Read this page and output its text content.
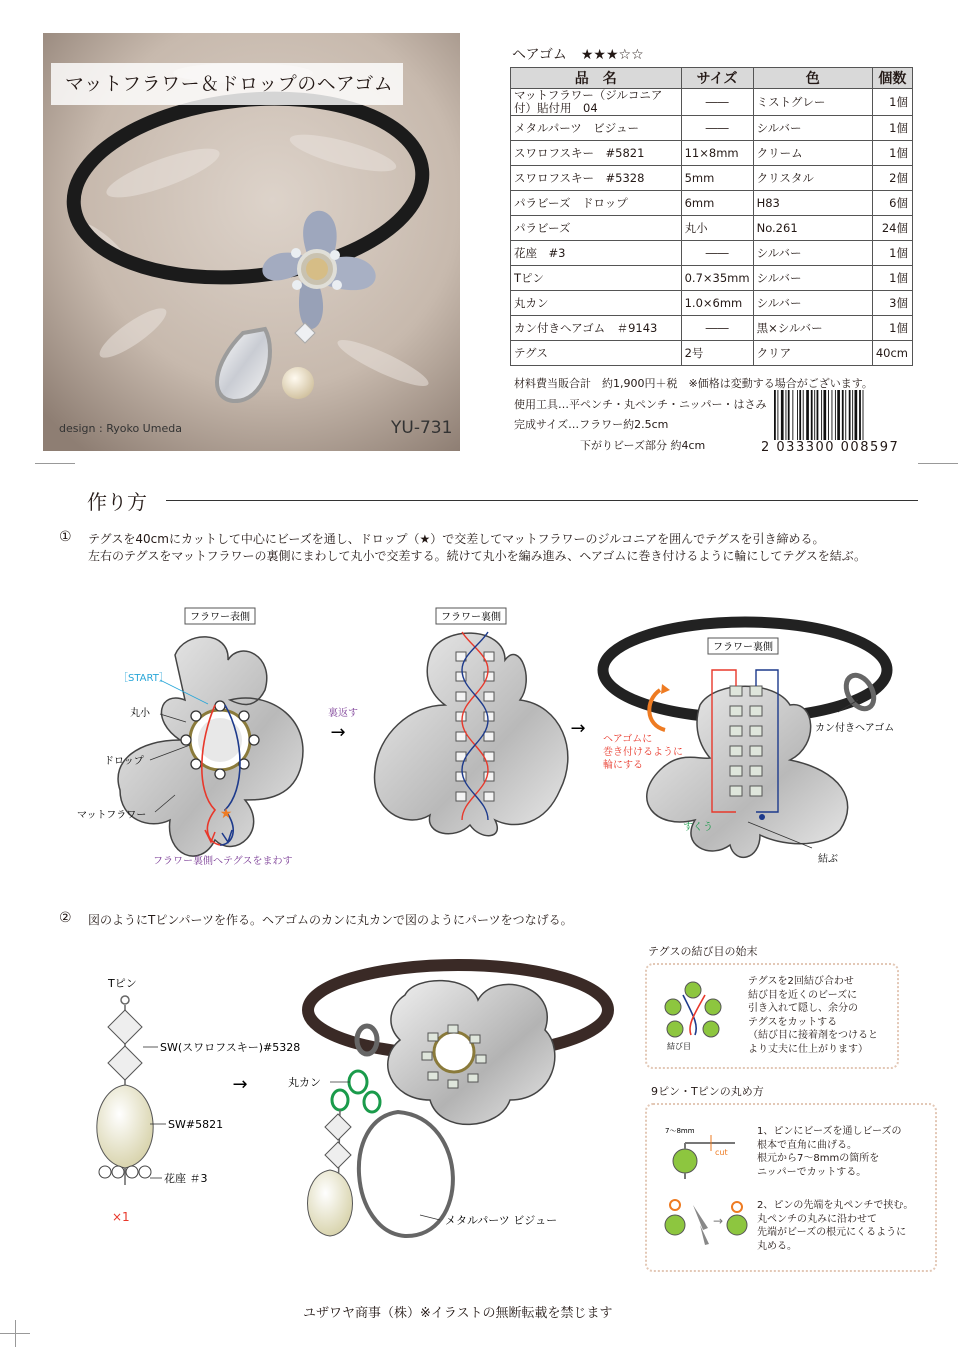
マットフラワー＆ドロップのヘアゴム
design : Ryoko Umeda	YU-731
ヘアゴム　★★★☆☆
品　名	サイズ	色	個数
マットフラワー（ジルコニア付）貼付用　04	――	ミストグレー	1個
メタルパーツ　ビジュー	――	シルバー	1個
スワロフスキー　#5821	11×8mm	クリーム	1個
スワロフスキー　#5328	5mm	クリスタル	2個
パラビーズ　ドロップ	6mm	H83	6個
パラビーズ	丸小	No.261	24個
花座　#3	――	シルバー	1個
Tピン	0.7×35mm	シルバー	1個
丸カン	1.0×6mm	シルバー	3個
カン付きヘアゴム　＃9143	――	黒×シルバー	1個
テグス	2号	クリア	40cm
材料費当販合計　約1,900円＋税　※価格は変動する場合がございます。
使用工具…平ペンチ・丸ペンチ・ニッパー・はさみ
完成サイズ…フラワー約2.5cm
　　　　　　下がりビーズ部分 約4cm	2 033300 008597
作り方
① テグスを40cmにカットして中心にビーズを通し、ドロップ（★）で交差してマットフラワーのジルコニアを囲んでテグスを引き締める。
左右のテグスをマットフラワーの裏側にまわして丸小で交差する。続けて丸小を編み進み、ヘアゴムに巻き付けるように輪にしてテグスを結ぶ。
★
フラワー表側
［START］
丸小
ドロップ
マットフラワー
フラワー裏側へテグスをまわす
裏返す
→
フラワー裏側
→
フラワー裏側
ヘアゴムに
巻き付けるように
輪にする
カン付きヘアゴム
すくう
結ぶ
② 図のようにTピンパーツを作る。ヘアゴムのカンに丸カンで図のようにパーツをつなげる。
Tピン
SW(スワロフスキー)#5328
SW#5821
花座 ＃3
×1
→	丸カン
メタルパーツ ビジュー
テグスの結び目の始末
結び目
テグスを2回結び合わせ
結び目を近くのビーズに
引き入れて隠し、余分の
テグスをカットする
（結び目に接着剤をつけると
より丈夫に仕上がります）
9ピン・Tピンの丸め方
7～8mm
cut
→
1、ピンにビーズを通しビーズの
根本で直角に曲げる。
根元から7～8mmの箇所を
ニッパーでカットする。
2、ピンの先端を丸ペンチで挟む。
丸ペンチの丸みに沿わせて
先端がビーズの根元にくるように
丸める。
ユザワヤ商事（株）※イラストの無断転載を禁じます
